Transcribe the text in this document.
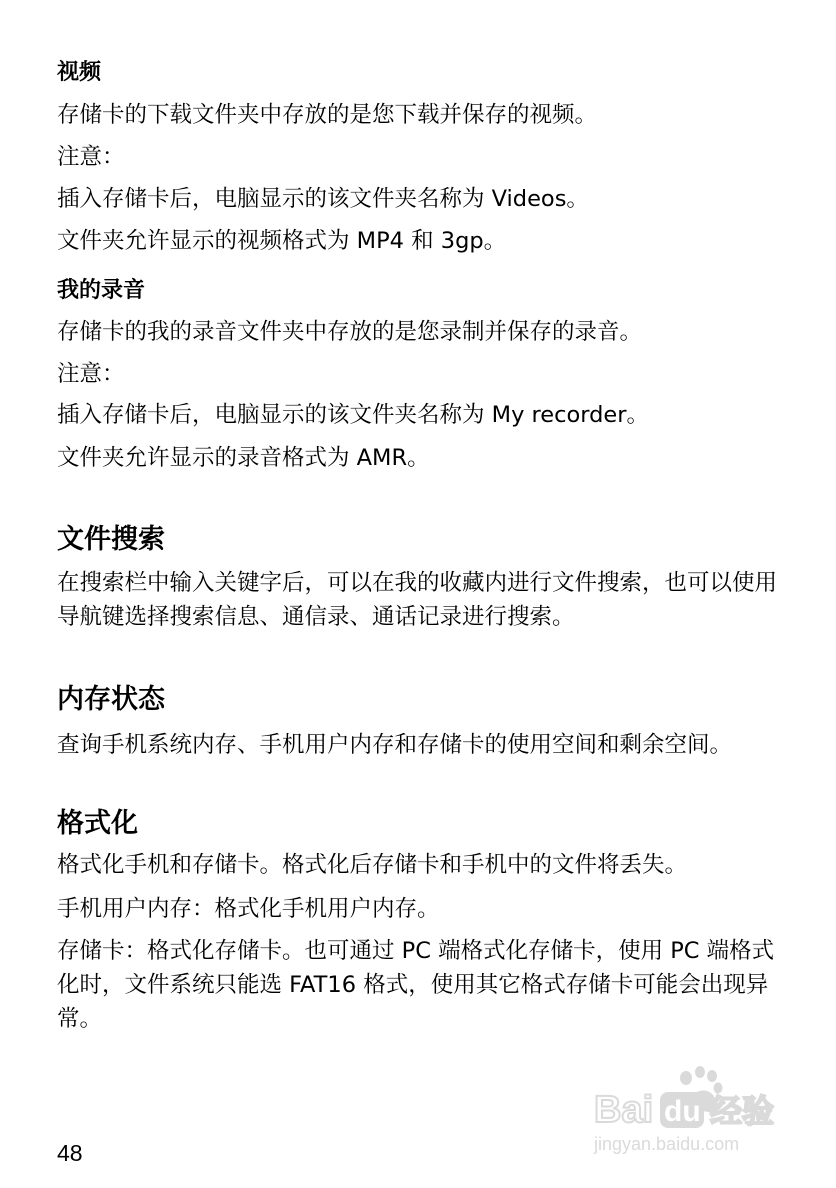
视频

存储卡的下载文件夹中存放的是您下载并保存的视频。

注意：

插入存储卡后，电脑显示的该文件夹名称为 Videos。

文件夹允许显示的视频格式为 MP4 和 3gp。

我的录音

存储卡的我的录音文件夹中存放的是您录制并保存的录音。

注意：

插入存储卡后，电脑显示的该文件夹名称为 My recorder。

文件夹允许显示的录音格式为 AMR。

文件搜索

在搜索栏中输入关键字后，可以在我的收藏内进行文件搜索，也可以使用导航键选择搜索信息、通信录、通话记录进行搜索。

内存状态

查询手机系统内存、手机用户内存和存储卡的使用空间和剩余空间。

格式化

格式化手机和存储卡。格式化后存储卡和手机中的文件将丢失。

手机用户内存：格式化手机用户内存。

存储卡：格式化存储卡。也可通过 PC 端格式化存储卡，使用 PC 端格式化时，文件系统只能选 FAT16 格式，使用其它格式存储卡可能会出现异常。

48
Bai du 经验
jingyan.baidu.com
